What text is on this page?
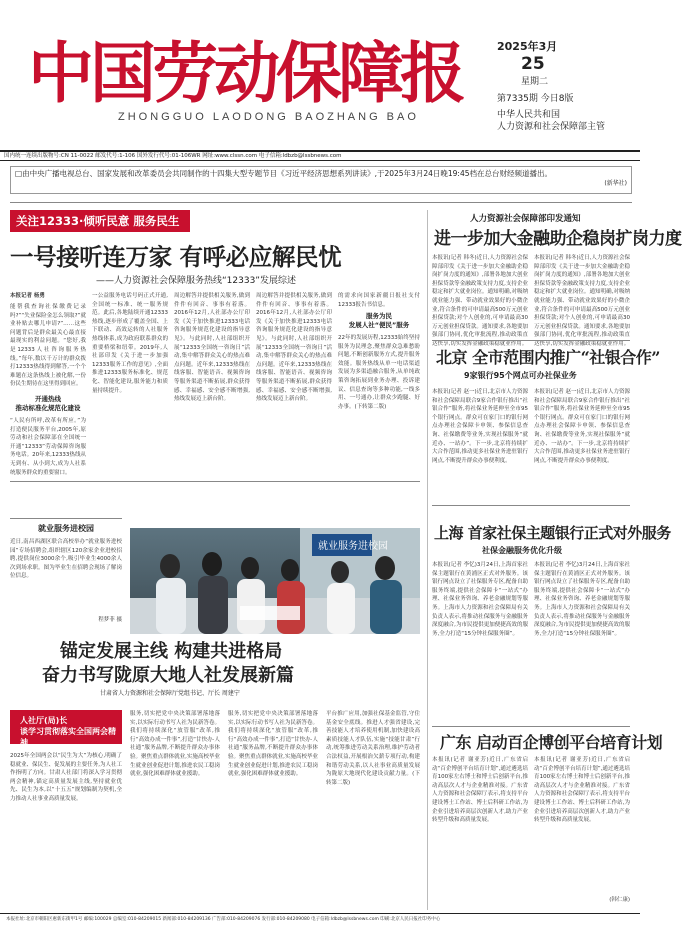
中国劳动保障报
ZHONGGUO LAODONG BAOZHANG BAO
2025年3月
25
星期二
第7335期 今日8版
中华人民共和国
人力资源和社会保障部主管
国内统一连续出版物号:CN 11-0022 邮发代号:1-106 国外发行代号:01-106WR 网址:www.clssn.com 电子信箱:ldbzb@lssbnews.com
□由中央广播电视总台、国家发展和改革委员会共同制作的十四集大型专题节目《习近平经济思想系列讲读》,于2025年3月24日晚19:45档在总台财经频道播出。
(新华社)
关注12333·倾听民意 服务民生
一号接听连万家 有呼必应解民忧
——人力资源社会保障服务热线“12333”发展综述
本报记者 杨勇
能帮我查询社保缴费记录吗?”“失业保险金怎么领取?”就业补贴去哪儿申请?”……这些问题背后是群众最关心最直接最现实的利益问题。“您好,我是12333人社咨询服务热线。”每年,数以千万计的群众拨打12333热线得到解答,一个个难题在这条热线上被化解,一份份民生期待在这里得到回应。
开通热线
推动标准化规范化建设
“人民有所呼,改革有所应。”为打造便民服务平台,2005年,原劳动和社会保障部在全国统一开通“12333”劳动保障咨询服务电话。20年来,12333热线从无到有、从小到大,成为人社系统服务群众的重要窗口。
一公益服务电话号码正式开通,全国统一标准、统一服务规范。此后,各地陆续开通12333热线,逐步形成了覆盖全国、上下联动、高效运转的人社服务热线体系,成为政府联系群众的重要桥梁和纽带。2019年,人社部印发《关于进一步加强12333服务工作的意见》,全面推进12333服务标准化、规范化、智能化建设,服务能力和质量持续提升。
周边解答并提供相关服务,做到件件有回音、事事有着落。2016年12月,人社部办公厅印发《关于加快推进12333电话咨询服务规范化建设的指导意见》。与此同时,人社部组织开展“12333全国统一咨询日”活动,集中解答群众关心的热点难点问题。近年来,12333热线在线客服、智能语音、视频咨询等服务渠道不断拓展,群众获得感、幸福感、安全感不断增强,热线发展迈上新台阶。
周边解答并提供相关服务,做到件件有回音、事事有着落。2016年12月,人社部办公厅印发《关于加快推进12333电话咨询服务规范化建设的指导意见》。与此同时,人社部组织开展“12333全国统一咨询日”活动,集中解答群众关心的热点难点问题。近年来,12333热线在线客服、智能语音、视频咨询等服务渠道不断拓展,群众获得感、幸福感、安全感不断增强,热线发展迈上新台阶。
的需求向国家新疆日报社支付12333报告书信息。
服务为民
发展人社“便民”服务
22年的发展历程,12333始终坚持服务为民理念,聚焦群众急难愁盼问题,不断创新服务方式,提升服务效能。服务热线从单一电话渠道发展为多渠道融合服务,从单纯政策咨询拓展到业务办理、投诉建议、信息查询等多种功能,一线多用、一号通办,让群众少跑腿、好办事。(下转第二版)
就业服务进校园
就业服务进校园
近日,南昌西湖区联合高校举办“就业服务进校园”专场招聘会,组织辖区120余家企业进校招聘,提供岗位3000余个,吸引毕业生4000余人次到场求职。图为毕业生在招聘会现场了解岗位信息。
程梦菲 摄
锚定发展主线 构建共进格局
奋力书写陇原大地人社发展新篇
甘肃省人力资源和社会保障厅党组书记、厅长 周建宁
人社厅(局)长
谈学习贯彻落实全国两会精神
2025年全国两会以“民生为大”为核心,明确了稳就业、保民生、促发展的主要任务,为人社工作指明了方向。甘肃人社部门将深入学习贯彻两会精神,锚定高质量发展主线,坚持就业优先、民生为本,以“十五五”规划编制为契机,全力推动人社事业高质量发展。
服务,切实把党中央决策部署落地落实,以实际行动书写人社为民新答卷。我们将持续深化“放管服”改革,推行“高效办成一件事”,打造“甘快办·人社通”服务品牌,不断提升群众办事体验。聚焦重点群体就业,实施高校毕业生就业创业促进计划,推进农民工稳岗就业,强化困难群体就业援助。
服务,切实把党中央决策部署落地落实,以实际行动书写人社为民新答卷。我们将持续深化“放管服”改革,推行“高效办成一件事”,打造“甘快办·人社通”服务品牌,不断提升群众办事体验。聚焦重点群体就业,实施高校毕业生就业创业促进计划,推进农民工稳岗就业,强化困难群体就业援助。
平台推广应用,加强社保基金监管,守住基金安全底线。推进人才强省建设,完善技能人才培养使用机制,加快建设高素质技能人才队伍,实施“技能甘肃”行动,统筹推进劳动关系治理,维护劳动者合法权益,开展根治欠薪专项行动,构建和谐劳动关系,以人社事业高质量发展为陇原大地现代化建设贡献力量。(下转第二版)
人力资源社会保障部印发通知
进一步加大金融助企稳岗扩岗力度
本报讯(记者 韩冬)近日,人力资源社会保障部印发《关于进一步加大金融助企稳岗扩岗力度的通知》,部署各地加大创业担保贷款等金融政策支持力度,支持企业稳定和扩大就业岗位。通知明确,对吸纳就业能力强、带动就业效果好的小微企业,符合条件的可申请最高500万元创业担保贷款;对个人创业的,可申请最高30万元创业担保贷款。通知要求,各地要加强部门协同,优化审批流程,推动政策直达快享,切实发挥金融政策稳就业作用。
本报讯(记者 韩冬)近日,人力资源社会保障部印发《关于进一步加大金融助企稳岗扩岗力度的通知》,部署各地加大创业担保贷款等金融政策支持力度,支持企业稳定和扩大就业岗位。通知明确,对吸纳就业能力强、带动就业效果好的小微企业,符合条件的可申请最高500万元创业担保贷款;对个人创业的,可申请最高30万元创业担保贷款。通知要求,各地要加强部门协同,优化审批流程,推动政策直达快享,切实发挥金融政策稳就业作用。
北京 全市范围内推广“社银合作”
9家银行95个网点可办社保业务
本报讯(记者 赵一)近日,北京市人力资源和社会保障局联合9家合作银行推出“社银合作”服务,将社保业务延伸至全市95个银行网点。群众可在家门口的银行网点办理社会保障卡申领、参保信息查询、社保缴费等业务,实现社保服务“就近办、一站办”。下一步,北京将持续扩大合作范围,推动更多社保业务进驻银行网点,不断提升群众办事便利度。
本报讯(记者 赵一)近日,北京市人力资源和社会保障局联合9家合作银行推出“社银合作”服务,将社保业务延伸至全市95个银行网点。群众可在家门口的银行网点办理社会保障卡申领、参保信息查询、社保缴费等业务,实现社保服务“就近办、一站办”。下一步,北京将持续扩大合作范围,推动更多社保业务进驻银行网点,不断提升群众办事便利度。
上海 首家社保主题银行正式对外服务
社保金融服务优化升级
本报讯(记者 李忆)3月24日,上海首家社保主题银行在黄浦区正式对外服务。该银行网点设立了社保服务专区,配备自助服务终端,提供社会保障卡“一站式”办理、社保业务咨询、养老金融规划等服务。上海市人力资源和社会保障局有关负责人表示,将推动社保服务与金融服务深度融合,为市民提供更加便捷高效的服务,全力打造“15分钟社保服务圈”。
本报讯(记者 李忆)3月24日,上海首家社保主题银行在黄浦区正式对外服务。该银行网点设立了社保服务专区,配备自助服务终端,提供社会保障卡“一站式”办理、社保业务咨询、养老金融规划等服务。上海市人力资源和社会保障局有关负责人表示,将推动社保服务与金融服务深度融合,为市民提供更加便捷高效的服务,全力打造“15分钟社保服务圈”。
广东 启动百企博创平台培育计划
本报讯(记者 谢亚芳)近日,广东省启动“百企博创平台培育计划”,通过遴选培育100家左右博士和博士后创新平台,推动高层次人才与企业精准对接。广东省人力资源和社会保障厅表示,将支持平台建设博士工作站、博士后科研工作站,为企业引进培养高层次创新人才,助力产业转型升级和高质量发展。
本报讯(记者 谢亚芳)近日,广东省启动“百企博创平台培育计划”,通过遴选培育100家左右博士和博士后创新平台,推动高层次人才与企业精准对接。广东省人力资源和社会保障厅表示,将支持平台建设博士工作站、博士后科研工作站,为企业引进培养高层次创新人才,助力产业转型升级和高质量发展。
(韩仁康)
本报社址:北京市朝阳区惠新东街甲1号 邮编:100029 总编室:010-84209015 新闻部:010-84209136 广告部:010-84209076 发行部:010-84209080 电子信箱:ldbzb@lssbnews.com 印刷:北京人民日报社印务中心
